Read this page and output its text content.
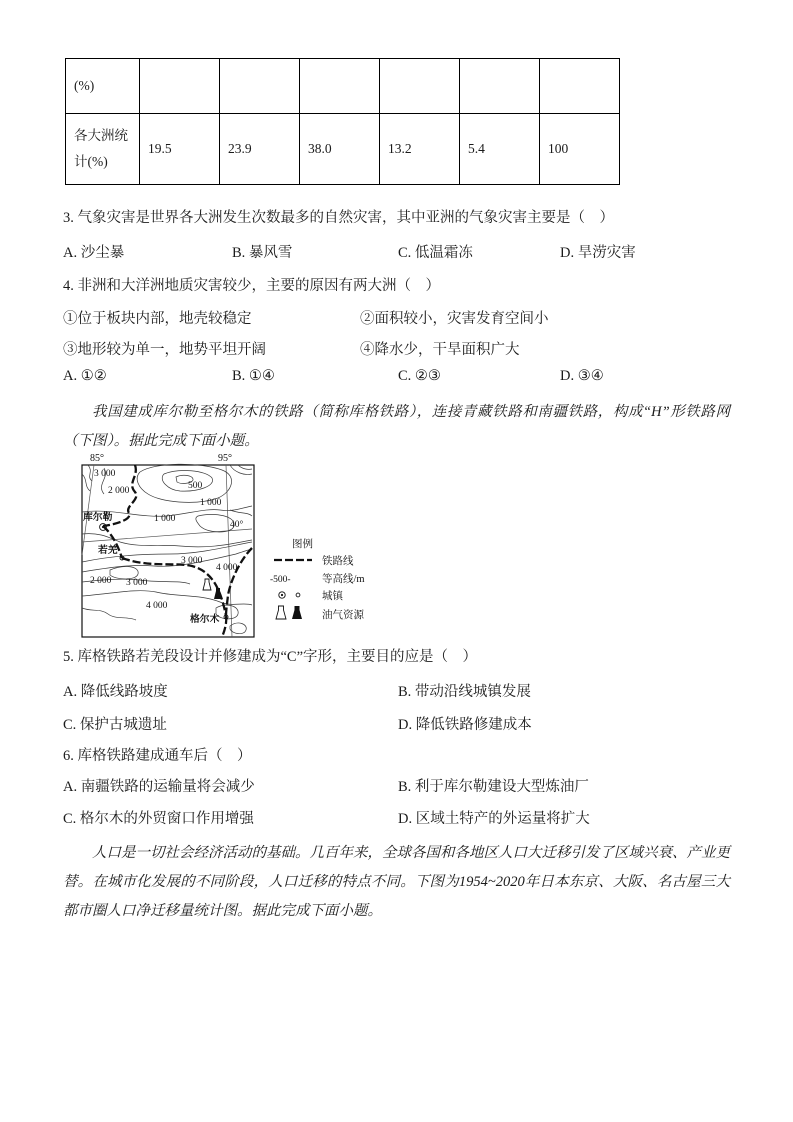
(%)						
各大洲统计(%)	19.5	23.9	38.0	13.2	5.4	100
3. 气象灾害是世界各大洲发生次数最多的自然灾害，其中亚洲的气象灾害主要是（　）
A. 沙尘暴	B. 暴风雪	C. 低温霜冻	D. 旱涝灾害
4. 非洲和大洋洲地质灾害较少，主要的原因有两大洲（　）
①位于板块内部，地壳较稳定	②面积较小，灾害发育空间小
③地形较为单一，地势平坦开阔	④降水少，干旱面积广大
A. ①②	B. ①④	C. ②③	D. ③④
我国建成库尔勒至格尔木的铁路（简称库格铁路），连接青藏铁路和南疆铁路，构成“H”形铁路网（下图）。据此完成下面小题。
85°	95°
40°
3 000
2 000	500
1 000
1 000
3 000
4 000
2 000 3 000
4 000
库尔勒
若羌
格尔木
图例
铁路线
-500-	等高线/m
城镇
油气资源
5. 库格铁路若羌段设计并修建成为“C”字形，主要目的应是（　）
A. 降低线路坡度	B. 带动沿线城镇发展
C. 保护古城遗址	D. 降低铁路修建成本
6. 库格铁路建成通车后（　）
A. 南疆铁路的运输量将会减少	B. 利于库尔勒建设大型炼油厂
C. 格尔木的外贸窗口作用增强	D. 区域土特产的外运量将扩大
人口是一切社会经济活动的基础。几百年来，全球各国和各地区人口大迁移引发了区域兴衰、产业更替。在城市化发展的不同阶段，人口迁移的特点不同。下图为1954~2020年日本东京、大阪、名古屋三大都市圈人口净迁移量统计图。据此完成下面小题。
